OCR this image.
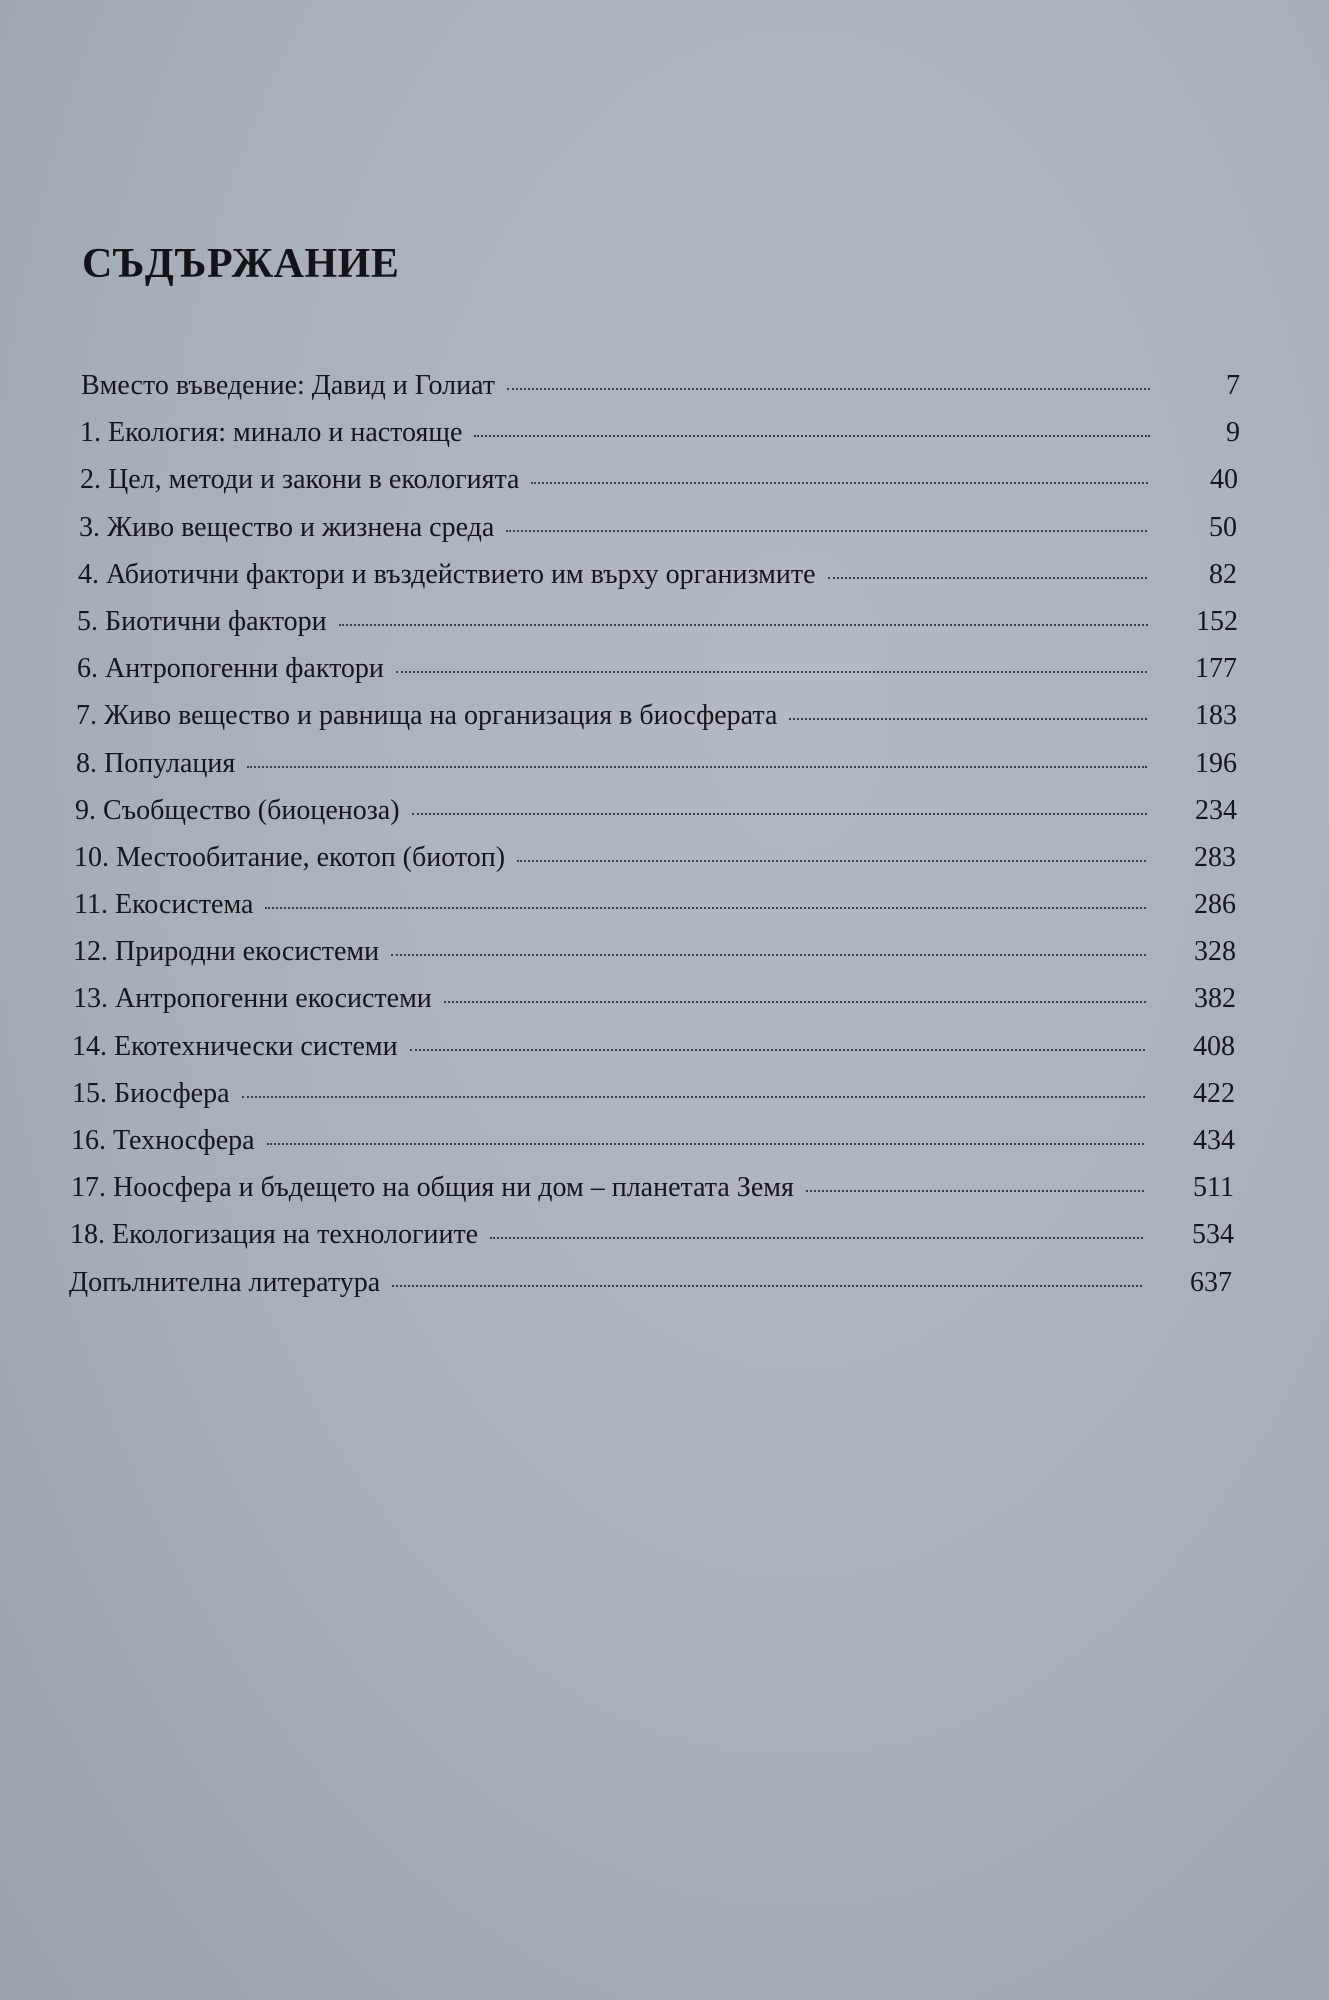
СЪДЪРЖАНИЕ
Вместо въведение: Давид и Голиат	7
1. Екология: минало и настояще	9
2. Цел, методи и закони в екологията	40
3. Живо вещество и жизнена среда	50
4. Абиотични фактори и въздействието им върху организмите	82
5. Биотични фактори	152
6. Антропогенни фактори	177
7. Живо вещество и равнища на организация в биосферата	183
8. Популация	196
9. Съобщество (биоценоза)	234
10. Местообитание, екотоп (биотоп)	283
11. Екосистема	286
12. Природни екосистеми	328
13. Антропогенни екосистеми	382
14. Екотехнически системи	408
15. Биосфера	422
16. Техносфера	434
17. Ноосфера и бъдещето на общия ни дом – планетата Земя	511
18. Екологизация на технологиите	534
Допълнителна литература	637
